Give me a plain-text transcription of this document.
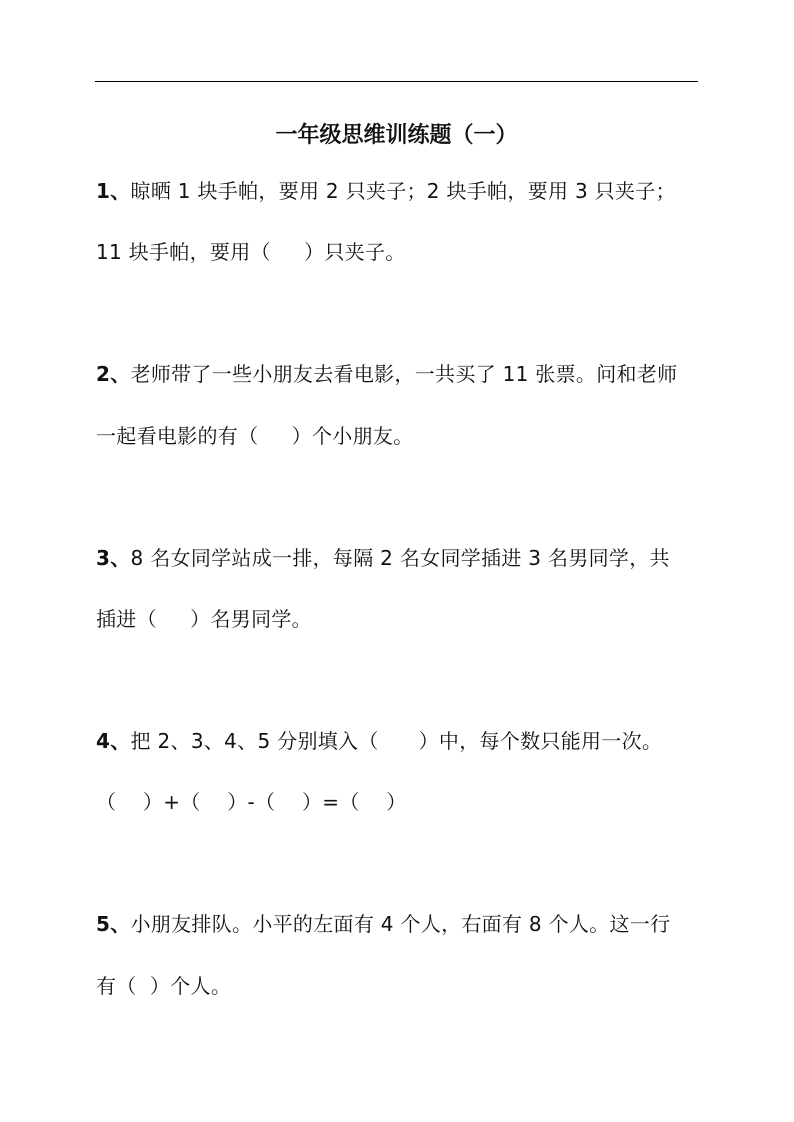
一年级思维训练题（一）
1、晾晒 1 块手帕，要用 2 只夹子；2 块手帕，要用 3 只夹子；
11 块手帕，要用（     ）只夹子。
2、老师带了一些小朋友去看电影，一共买了 11 张票。问和老师
一起看电影的有（     ）个小朋友。
3、8 名女同学站成一排，每隔 2 名女同学插进 3 名男同学，共
插进（     ）名男同学。
4、把 2、3、4、5 分别填入（      ）中，每个数只能用一次。
（    ）+（    ）-（    ）=（    ）
5、小朋友排队。小平的左面有 4 个人，右面有 8 个人。这一行
有（  ）个人。
